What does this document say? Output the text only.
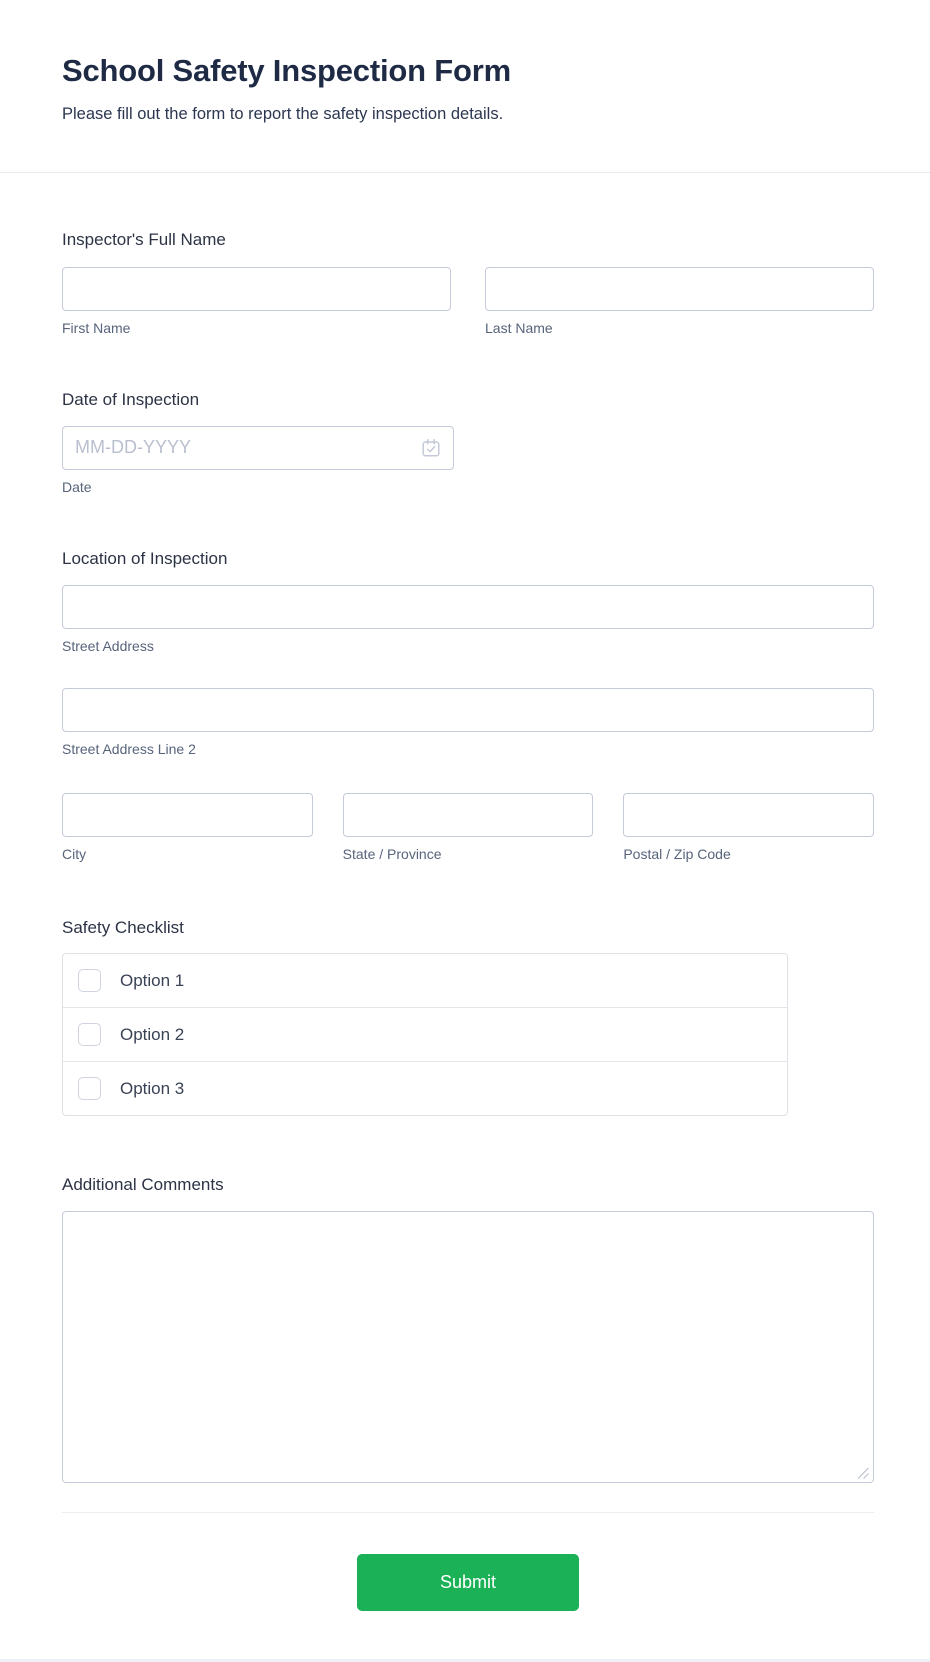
School Safety Inspection Form

Please fill out the form to report the safety inspection details.

Inspector's Full Name
First Name	Last Name
Date of Inspection
MM-DD-YYYY
Date
Location of Inspection
Street Address
Street Address Line 2
City	State / Province	Postal / Zip Code
Safety Checklist
Option 1
Option 2
Option 3
Additional Comments
Submit
